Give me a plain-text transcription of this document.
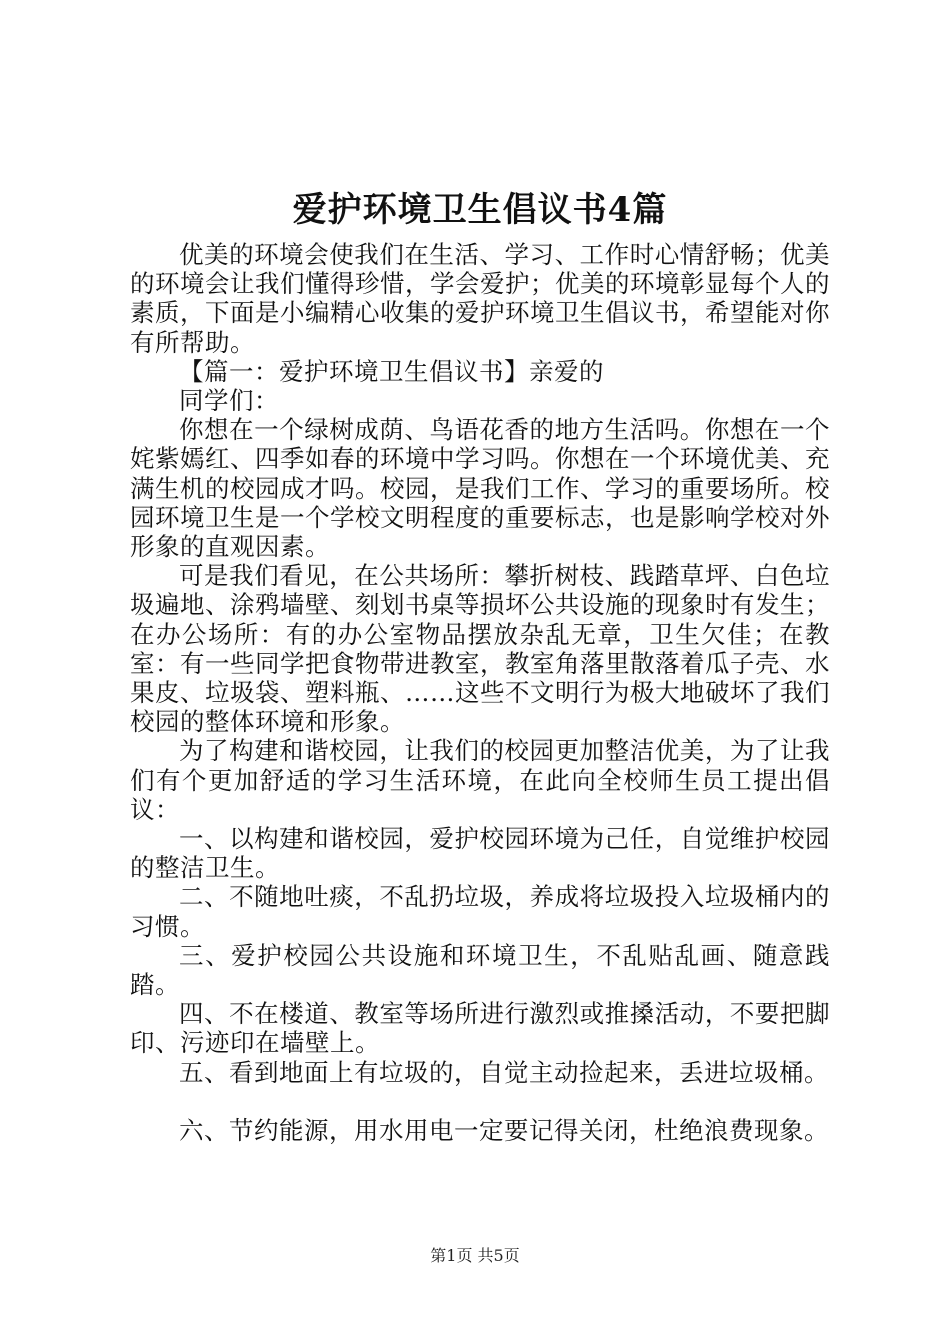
爱护环境卫生倡议书4篇

优美的环境会使我们在生活、学习、工作时心情舒畅；优美的环境会让我们懂得珍惜，学会爱护；优美的环境彰显每个人的素质，下面是小编精心收集的爱护环境卫生倡议书，希望能对你有所帮助。

【篇一：爱护环境卫生倡议书】亲爱的

同学们：

你想在一个绿树成荫、鸟语花香的地方生活吗。你想在一个姹紫嫣红、四季如春的环境中学习吗。你想在一个环境优美、充满生机的校园成才吗。校园，是我们工作、学习的重要场所。校园环境卫生是一个学校文明程度的重要标志，也是影响学校对外形象的直观因素。

可是我们看见，在公共场所：攀折树枝、践踏草坪、白色垃圾遍地、涂鸦墙壁、刻划书桌等损坏公共设施的现象时有发生；在办公场所：有的办公室物品摆放杂乱无章，卫生欠佳；在教室：有一些同学把食物带进教室，教室角落里散落着瓜子壳、水果皮、垃圾袋、塑料瓶、……这些不文明行为极大地破坏了我们校园的整体环境和形象。

为了构建和谐校园，让我们的校园更加整洁优美，为了让我们有个更加舒适的学习生活环境，在此向全校师生员工提出倡议：

一、以构建和谐校园，爱护校园环境为己任，自觉维护校园的整洁卫生。

二、不随地吐痰，不乱扔垃圾，养成将垃圾投入垃圾桶内的习惯。

三、爱护校园公共设施和环境卫生，不乱贴乱画、随意践踏。

四、不在楼道、教室等场所进行激烈或推搡活动，不要把脚印、污迹印在墙壁上。

五、看到地面上有垃圾的，自觉主动捡起来，丢进垃圾桶。

六、节约能源，用水用电一定要记得关闭，杜绝浪费现象。

第1页 共5页
